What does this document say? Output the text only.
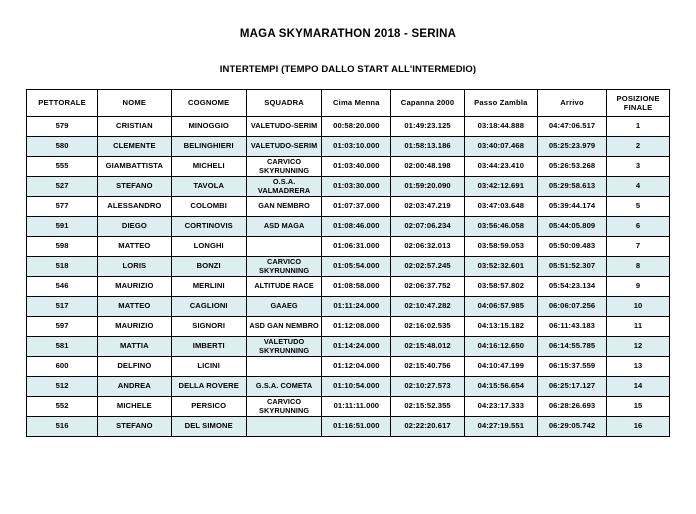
MAGA SKYMARATHON 2018 - SERINA
INTERTEMPI (TEMPO DALLO START ALL'INTERMEDIO)
PETTORALE	NOME	COGNOME	SQUADRA	Cima Menna	Capanna 2000	Passo Zambla	Arrivo	POSIZIONE
FINALE

579	CRISTIAN	MINOGGIO	VALETUDO-SERIM	00:58:20.000	01:49:23.125	03:18:44.888	04:47:06.517	1
580	CLEMENTE	BELINGHIERI	VALETUDO-SERIM	01:03:10.000	01:58:13.186	03:40:07.468	05:25:23.979	2
555	GIAMBATTISTA	MICHELI	CARVICO SKYRUNNING	01:03:40.000	02:00:48.198	03:44:23.410	05:26:53.268	3
527	STEFANO	TAVOLA	O.S.A. VALMADRERA	01:03:30.000	01:59:20.090	03:42:12.691	05:29:58.613	4
577	ALESSANDRO	COLOMBI	GAN NEMBRO	01:07:37.000	02:03:47.219	03:47:03.648	05:39:44.174	5
591	DIEGO	CORTINOVIS	ASD MAGA	01:08:46.000	02:07:06.234	03:56:46.058	05:44:05.809	6
598	MATTEO	LONGHI		01:06:31.000	02:06:32.013	03:58:59.053	05:50:09.483	7
518	LORIS	BONZI	CARVICO SKYRUNNING	01:05:54.000	02:02:57.245	03:52:32.601	05:51:52.307	8
546	MAURIZIO	MERLINI	ALTITUDE RACE	01:08:58.000	02:06:37.752	03:58:57.802	05:54:23.134	9
517	MATTEO	CAGLIONI	GAAEG	01:11:24.000	02:10:47.282	04:06:57.985	06:06:07.256	10
597	MAURIZIO	SIGNORI	ASD GAN NEMBRO	01:12:08.000	02:16:02.535	04:13:15.182	06:11:43.183	11
581	MATTIA	IMBERTI	VALETUDO SKYRUNNING	01:14:24.000	02:15:48.012	04:16:12.650	06:14:55.785	12
600	DELFINO	LICINI		01:12:04.000	02:15:40.756	04:10:47.199	06:15:37.559	13
512	ANDREA	DELLA ROVERE	G.S.A. COMETA	01:10:54.000	02:10:27.573	04:15:56.654	06:25:17.127	14
552	MICHELE	PERSICO	CARVICO SKYRUNNING	01:11:11.000	02:15:52.355	04:23:17.333	06:28:26.693	15
516	STEFANO	DEL SIMONE		01:16:51.000	02:22:20.617	04:27:19.551	06:29:05.742	16
